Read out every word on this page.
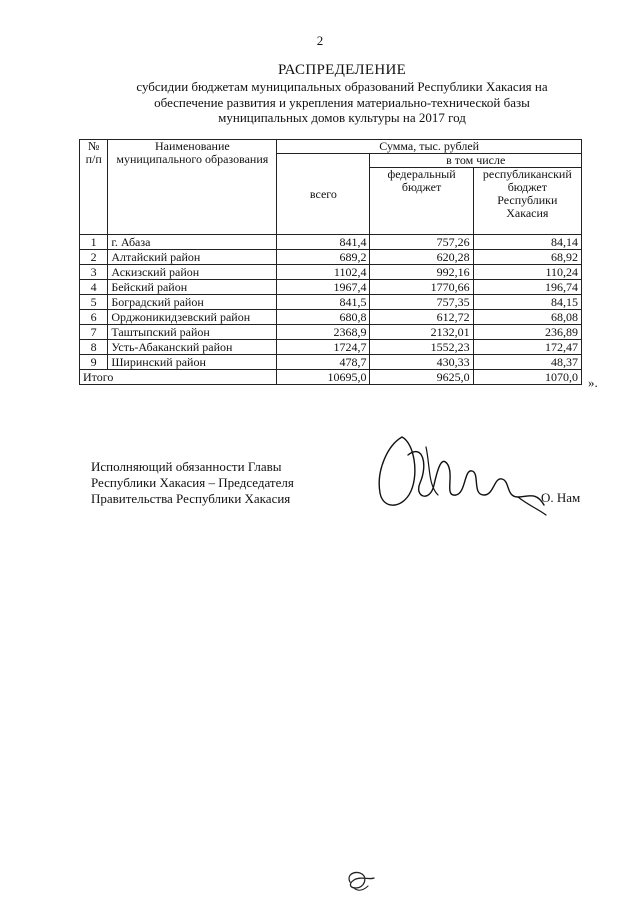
2
РАСПРЕДЕЛЕНИЕ
субсидии бюджетам муниципальных образований Республики Хакасия на
обеспечение развития и укрепления материально-технической базы
муниципальных домов культуры на 2017 год
№ п/п	Наименование муниципального образования	Сумма, тыс. рублей		
		всего	в том числе	
			федеральный бюджет	республиканский бюджет Республики Хакасия
1	г. Абаза	841,4	757,26	84,14
2	Алтайский район	689,2	620,28	68,92
3	Аскизский район	1102,4	992,16	110,24
4	Бейский район	1967,4	1770,66	196,74
5	Боградский район	841,5	757,35	84,15
6	Орджоникидзевский район	680,8	612,72	68,08
7	Таштыпский район	2368,9	2132,01	236,89
8	Усть-Абаканский район	1724,7	1552,23	172,47
9	Ширинский район	478,7	430,33	48,37
Итого		10695,0	9625,0	1070,0 ».
Исполняющий обязанности Главы
Республики Хакасия – Председателя
Правительства Республики Хакасия	О. Нам
